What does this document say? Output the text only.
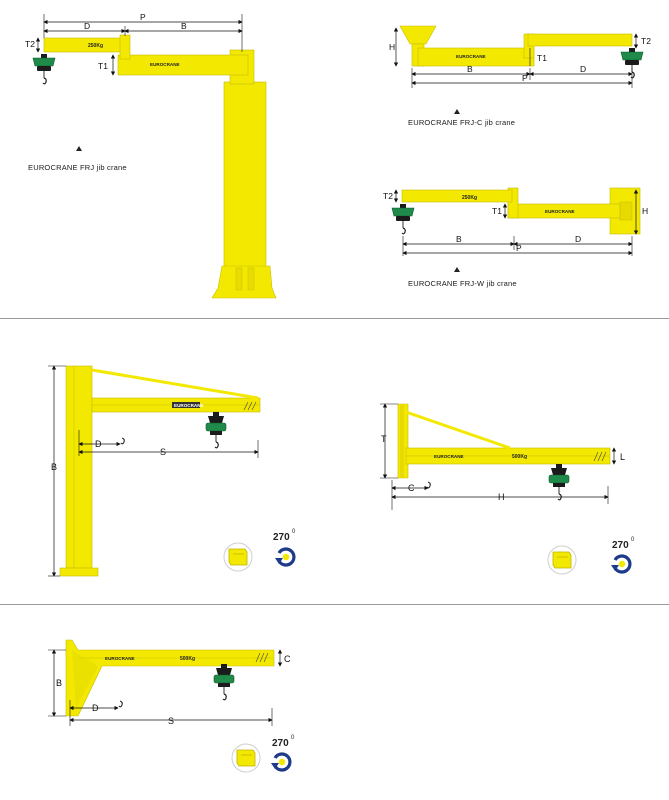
EUROCRANE
250Kg
P
D	B
T2
T1
EUROCRANE FRJ jib crane
EUROCRANE
H
T1
T2
B	D
P
EUROCRANE FRJ-C jib crane
EUROCRANE
250Kg
T2
T1	H
B	D
P
EUROCRANE FRJ-W jib crane
EUROCRANE
B
D
S
270 0
EUROCRANE	500Kg
T
L
C
H
270 0
EUROCRANE	500Kg	C
B
D
S
270 0
